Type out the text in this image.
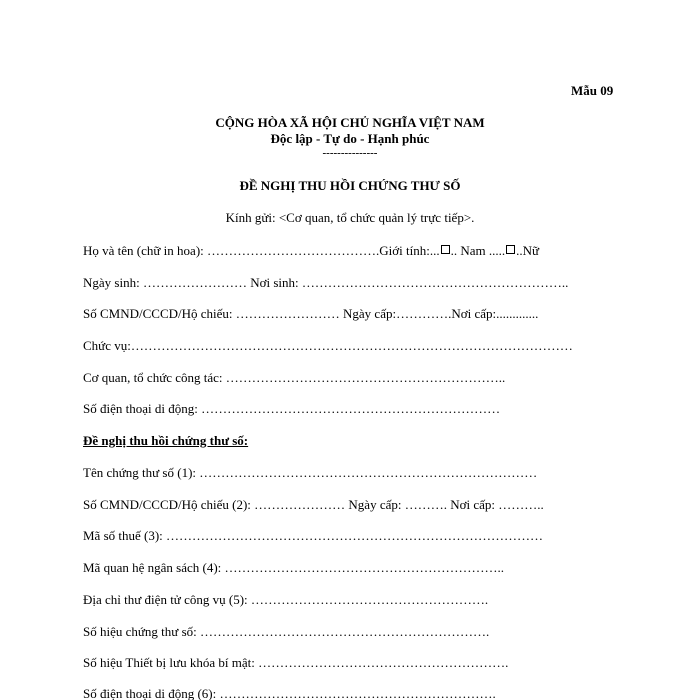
Mẫu 09
CỘNG HÒA XÃ HỘI CHỦ NGHĨA VIỆT NAM
Độc lập - Tự do - Hạnh phúc
---------------
ĐỀ NGHỊ THU HỒI CHỨNG THƯ SỐ
Kính gửi: <Cơ quan, tổ chức quản lý trực tiếp>.
Họ và tên (chữ in hoa): ………………………………….Giới tính:... .. Nam ..... ..Nữ
Ngày sinh: …………………… Nơi sinh: ……………………………………………………..
Số CMND/CCCD/Hộ chiếu: …………………… Ngày cấp:………….Nơi cấp:.............
Chức vụ:…………………………………………………………………………………………
Cơ quan, tổ chức công tác: ………………………………………………………..
Số điện thoại di động: ……………………………………………………………
Đề nghị thu hồi chứng thư số:
Tên chứng thư số (1): ……………………………………………………………………
Số CMND/CCCD/Hộ chiếu (2): ………………… Ngày cấp: ………. Nơi cấp: ………..
Mã số thuế (3): ……………………………………………………………………………
Mã quan hệ ngân sách (4): ………………………………………………………..
Địa chỉ thư điện tử công vụ (5): ……………………………………………….
Số hiệu chứng thư số: ………………………………………………………….
Số hiệu Thiết bị lưu khóa bí mật: ………………………………………………….
Số điện thoại di động (6): ……………………………………………………….
